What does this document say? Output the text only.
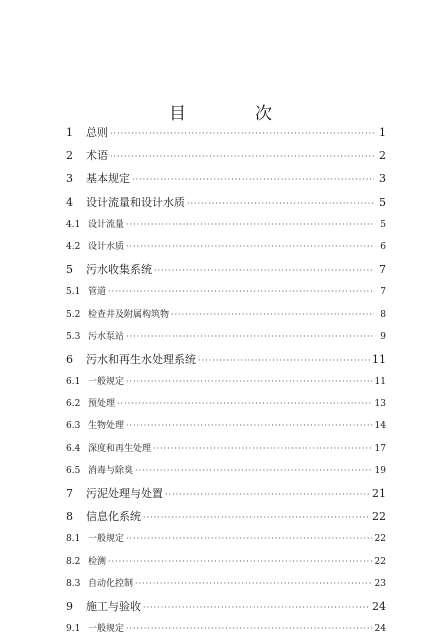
目　次
1	总则 ·····	1
2	术语 ·····	2
3	基本规定 ·····	3
4	设计流量和设计水质 ·····	5
4.1 设计流量 ·····	5
4.2 设计水质 ·····	6
5	污水收集系统 ·····	7
5.1 管道 ·····	7
5.2 检查井及附属构筑物 ·····	8
5.3 污水泵站 ·····	9
6	污水和再生水处理系统 ·····	11
6.1 一般规定 ·····	11
6.2 预处理 ·····	13
6.3 生物处理 ·····	14
6.4 深度和再生处理 ·····	17
6.5 消毒与除臭 ·····	19
7	污泥处理与处置 ·····	21
8	信息化系统 ·····	22
8.1 一般规定 ·····	22
8.2 检测 ·····	22
8.3 自动化控制 ·····	23
9	施工与验收 ·····	24
9.1 一般规定 ·····	24
